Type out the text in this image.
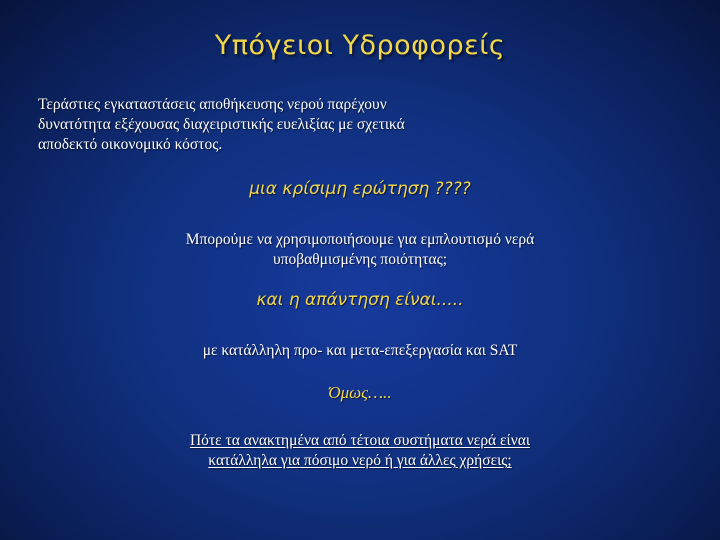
Υπόγειοι Υδροφορείς
Τεράστιες εγκαταστάσεις αποθήκευσης νερού παρέχουν
δυνατότητα εξέχουσας διαχειριστικής ευελιξίας με σχετικά
αποδεκτό οικονομικό κόστος.
μια κρίσιμη ερώτηση ????
Μπορούμε να χρησιμοποιήσουμε για εμπλουτισμό νερά
υποβαθμισμένης ποιότητας;
και η απάντηση είναι.....
με κατάλληλη προ- και μετα-επεξεργασία και SAT
Όμως…..
Πότε τα ανακτημένα από τέτοια συστήματα νερά είναι
κατάλληλα για πόσιμο νερό ή για άλλες χρήσεις;
